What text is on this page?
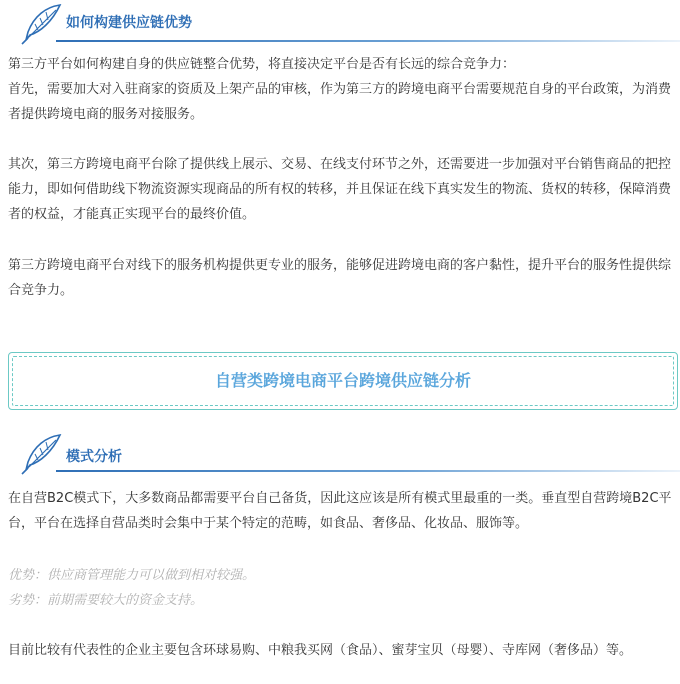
如何构建供应链优势

第三方平台如何构建自身的供应链整合优势，将直接决定平台是否有长远的综合竞争力：

首先，需要加大对入驻商家的资质及上架产品的审核，作为第三方的跨境电商平台需要规范自身的平台政策，为消费者提供跨境电商的服务对接服务。

其次，第三方跨境电商平台除了提供线上展示、交易、在线支付环节之外，还需要进一步加强对平台销售商品的把控能力，即如何借助线下物流资源实现商品的所有权的转移，并且保证在线下真实发生的物流、货权的转移，保障消费者的权益，才能真正实现平台的最终价值。

第三方跨境电商平台对线下的服务机构提供更专业的服务，能够促进跨境电商的客户黏性，提升平台的服务性提供综合竞争力。

自营类跨境电商平台跨境供应链分析
模式分析

在自营B2C模式下，大多数商品都需要平台自己备货，因此这应该是所有模式里最重的一类。垂直型自营跨境B2C平台，平台在选择自营品类时会集中于某个特定的范畴，如食品、奢侈品、化妆品、服饰等。

优势：供应商管理能力可以做到相对较强。

劣势：前期需要较大的资金支持。

目前比较有代表性的企业主要包含环球易购、中粮我买网（食品）、蜜芽宝贝（母婴）、寺库网（奢侈品）等。
